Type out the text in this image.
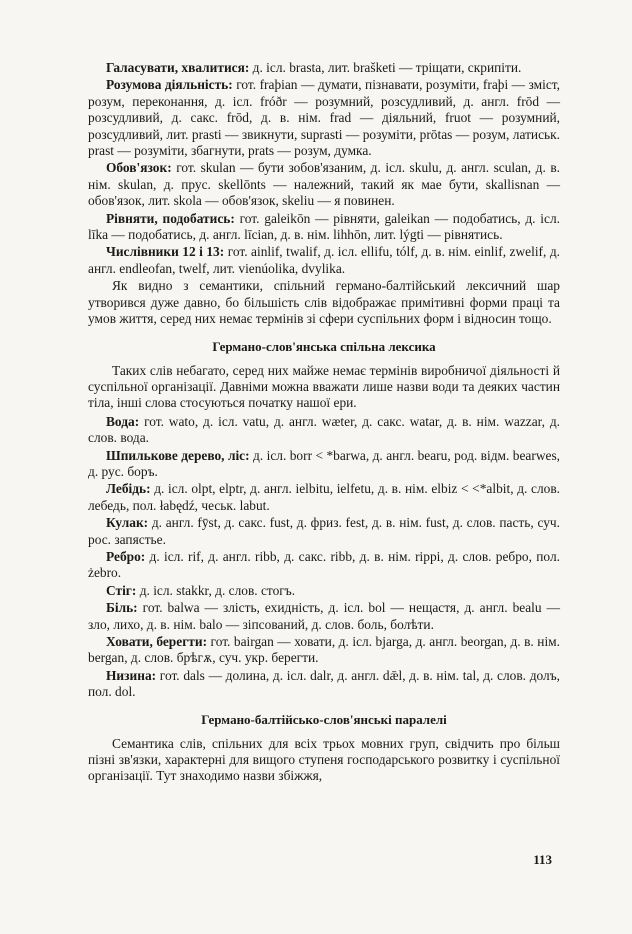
Галасувати, хвалитися: д. ісл. brasta, лит. brašketi — тріщати, скрипіти.

Розумова діяльність: гот. fraþian — думати, пізнавати, розуміти, fraþi — зміст, розум, переконання, д. ісл. fróðr — розумний, розсудливий, д. англ. frōd — розсудливий, д. сакс. frōd, д. в. нім. frad — діяльний, fruot — розумний, розсудливий, лит. prasti — звикнути, suprasti — розуміти, prōtas — розум, латиськ. prast — розуміти, збагнути, prats — розум, думка.

Обов'язок: гот. skulan — бути зобов'язаним, д. ісл. skulu, д. англ. sculan, д. в. нім. skulan, д. прус. skellōnts — належний, такий як мае бути, skallisnan — обов'язок, лит. skola — обов'язок, skeliu — я повинен.

Рівняти, подобатись: гот. galeikōn — рівняти, galeikan — подобатись, д. ісл. līka — подобатись, д. англ. līcian, д. в. нім. lihhōn, лит. lýgti — рівнятись.

Числівники 12 і 13: гот. ainlif, twalif, д. ісл. ellifu, tólf, д. в. нім. einlif, zwelif, д. англ. endleofan, twelf, лит. vienúolika, dvylika.

Як видно з семантики, спільний германо-балтійський лексичний шар утворився дуже давно, бо більшість слів відображає примітивні форми праці та умов життя, серед них немає термінів зі сфери суспільних форм і відносин тощо.

Германо-слов'янська спільна лексика

Таких слів небагато, серед них майже немає термінів виробничої діяльності й суспільної організації. Давніми можна вважати лише назви води та деяких частин тіла, інші слова стосуються початку нашої ери.

Вода: гот. wato, д. ісл. vatu, д. англ. wæter, д. сакс. watar, д. в. нім. wazzar, д. слов. вода.

Шпилькове дерево, ліс: д. ісл. borr < *barwa, д. англ. bearu, род. відм. bearwes, д. рус. боръ.

Лебідь: д. ісл. olpt, elptr, д. англ. ielbitu, ielfetu, д. в. нім. elbiz < <*albit, д. слов. лебедь, пол. łabędź, чеськ. labut.

Кулак: д. англ. fȳst, д. сакс. fust, д. фриз. fest, д. в. нім. fust, д. слов. пасть, суч. рос. запястье.

Ребро: д. ісл. rif, д. англ. ribb, д. сакс. ribb, д. в. нім. rippi, д. слов. ребро, пол. żebro.

Стіг: д. ісл. stakkr, д. слов. стогъ.

Біль: гот. balwa — злість, ехидність, д. ісл. bol — нещастя, д. англ. bealu — зло, лихо, д. в. нім. balo — зіпсований, д. слов. боль, болѣти.

Ховати, берегти: гот. bairgan — ховати, д. ісл. bjarga, д. англ. beorgan, д. в. нім. bergan, д. слов. брѣгѫ, суч. укр. берегти.

Низина: гот. dals — долина, д. ісл. dalr, д. англ. dǣl, д. в. нім. tal, д. слов. долъ, пол. dol.

Германо-балтійсько-слов'янські паралелі

Семантика слів, спільних для всіх трьох мовних груп, свідчить про більш пізні зв'язки, характерні для вищого ступеня господарського розвитку і суспільної організації. Тут знаходимо назви збіжжя,

113
